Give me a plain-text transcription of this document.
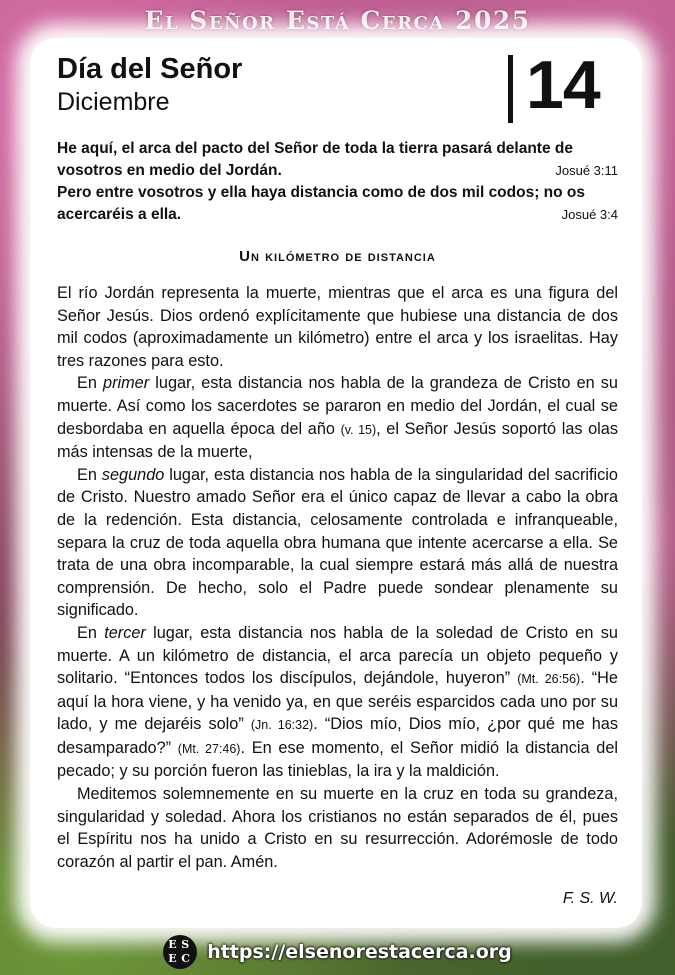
El Señor Está Cerca 2025
Día del Señor
Diciembre	14
He aquí, el arca del pacto del Señor de toda la tierra pasará delante de vosotros en medio del Jordán.	Josué 3:11
Pero entre vosotros y ella haya distancia como de dos mil codos; no os acercaréis a ella.	Josué 3:4
Un kilómetro de distancia

El río Jordán representa la muerte, mientras que el arca es una figura del Señor Jesús. Dios ordenó explícitamente que hubiese una distancia de dos mil codos (aproximadamente un kilómetro) entre el arca y los israelitas. Hay tres razones para esto.

En primer lugar, esta distancia nos habla de la grandeza de Cristo en su muerte. Así como los sacerdotes se pararon en medio del Jordán, el cual se desbordaba en aquella época del año (v. 15), el Señor Jesús soportó las olas más intensas de la muerte,

En segundo lugar, esta distancia nos habla de la singularidad del sacrificio de Cristo. Nuestro amado Señor era el único capaz de llevar a cabo la obra de la redención. Esta distancia, celosamente controlada e infranqueable, separa la cruz de toda aquella obra humana que intente acercarse a ella. Se trata de una obra incomparable, la cual siempre estará más allá de nuestra comprensión. De hecho, solo el Padre puede sondear plenamente su significado.

En tercer lugar, esta distancia nos habla de la soledad de Cristo en su muerte. A un kilómetro de distancia, el arca parecía un objeto pequeño y solitario. “Entonces todos los discípulos, dejándole, huyeron” (Mt. 26:56). “He aquí la hora viene, y ha venido ya, en que seréis esparcidos cada uno por su lado, y me dejaréis solo” (Jn. 16:32). “Dios mío, Dios mío, ¿por qué me has desamparado?” (Mt. 27:46). En ese momento, el Señor midió la distancia del pecado; y su porción fueron las tinieblas, la ira y la maldición.

Meditemos solemnemente en su muerte en la cruz en toda su grandeza, singularidad y soledad. Ahora los cristianos no están separados de él, pues el Espíritu nos ha unido a Cristo en su resurrección. Adorémosle de todo corazón al partir el pan. Amén.

F. S. W.
E S
E C https://elsenorestacerca.org
